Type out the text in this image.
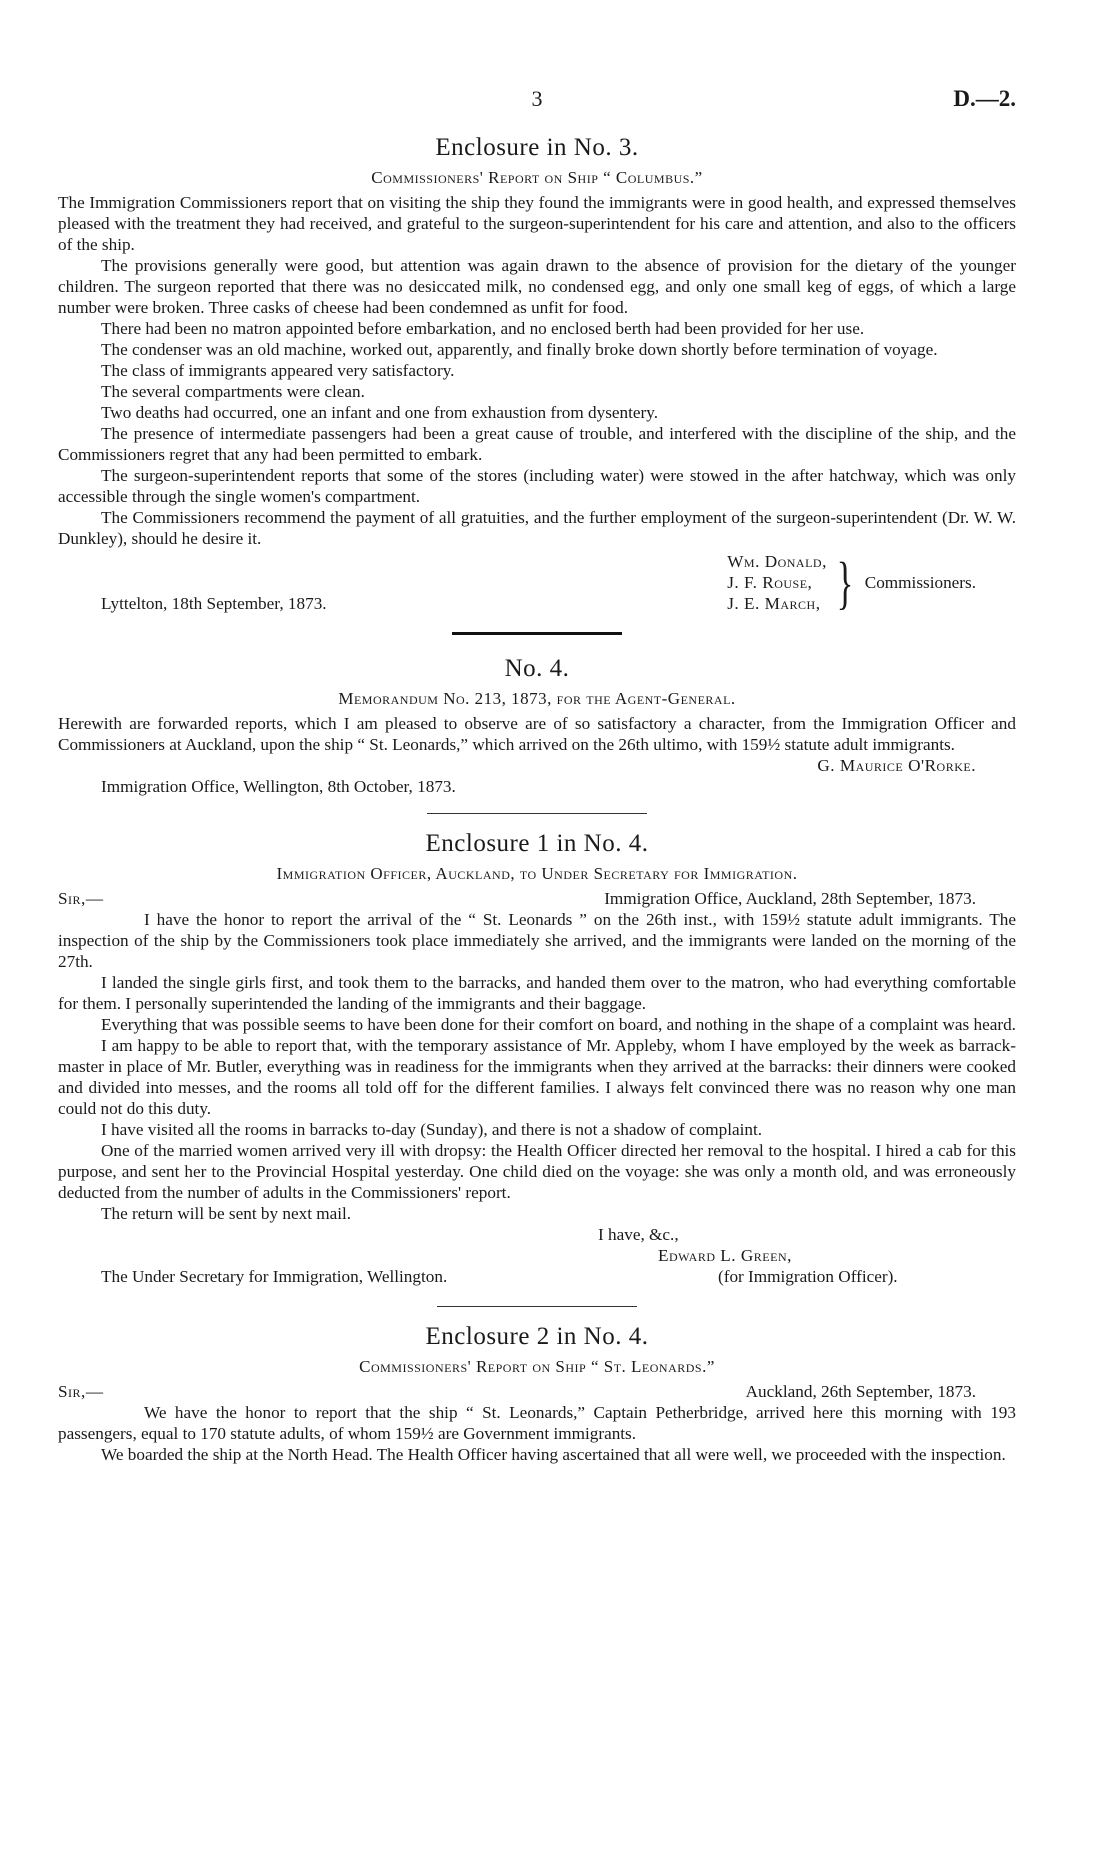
3	D.—2.
Enclosure in No. 3.
Commissioners' Report on Ship “ Columbus.”

The Immigration Commissioners report that on visiting the ship they found the immigrants were in good health, and expressed themselves pleased with the treatment they had received, and grateful to the surgeon-superintendent for his care and attention, and also to the officers of the ship.

The provisions generally were good, but attention was again drawn to the absence of provision for the dietary of the younger children. The surgeon reported that there was no desiccated milk, no condensed egg, and only one small keg of eggs, of which a large number were broken. Three casks of cheese had been condemned as unfit for food.

There had been no matron appointed before embarkation, and no enclosed berth had been provided for her use.

The condenser was an old machine, worked out, apparently, and finally broke down shortly before termination of voyage.

The class of immigrants appeared very satisfactory.

The several compartments were clean.

Two deaths had occurred, one an infant and one from exhaustion from dysentery.

The presence of intermediate passengers had been a great cause of trouble, and interfered with the discipline of the ship, and the Commissioners regret that any had been permitted to embark.

The surgeon-superintendent reports that some of the stores (including water) were stowed in the after hatchway, which was only accessible through the single women's compartment.

The Commissioners recommend the payment of all gratuities, and the further employment of the surgeon-superintendent (Dr. W. W. Dunkley), should he desire it.

Lyttelton, 18th September, 1873.
Wm. Donald,
J. F. Rouse,
J. E. March, } Commissioners.
No. 4.
Memorandum No. 213, 1873, for the Agent-General.

Herewith are forwarded reports, which I am pleased to observe are of so satisfactory a character, from the Immigration Officer and Commissioners at Auckland, upon the ship “ St. Leonards,” which arrived on the 26th ultimo, with 159½ statute adult immigrants.

G. Maurice O'Rorke.
Immigration Office, Wellington, 8th October, 1873.
Enclosure 1 in No. 4.
Immigration Officer, Auckland, to Under Secretary for Immigration.
Sir,—	Immigration Office, Auckland, 28th September, 1873.

I have the honor to report the arrival of the “ St. Leonards ” on the 26th inst., with 159½ statute adult immigrants. The inspection of the ship by the Commissioners took place immediately she arrived, and the immigrants were landed on the morning of the 27th.

I landed the single girls first, and took them to the barracks, and handed them over to the matron, who had everything comfortable for them. I personally superintended the landing of the immigrants and their baggage.

Everything that was possible seems to have been done for their comfort on board, and nothing in the shape of a complaint was heard.

I am happy to be able to report that, with the temporary assistance of Mr. Appleby, whom I have employed by the week as barrack-master in place of Mr. Butler, everything was in readiness for the immigrants when they arrived at the barracks: their dinners were cooked and divided into messes, and the rooms all told off for the different families. I always felt convinced there was no reason why one man could not do this duty.

I have visited all the rooms in barracks to-day (Sunday), and there is not a shadow of complaint.

One of the married women arrived very ill with dropsy: the Health Officer directed her removal to the hospital. I hired a cab for this purpose, and sent her to the Provincial Hospital yesterday. One child died on the voyage: she was only a month old, and was erroneously deducted from the number of adults in the Commissioners' report.

The return will be sent by next mail.

I have, &c.,
Edward L. Green,
The Under Secretary for Immigration, Wellington.	(for Immigration Officer).
Enclosure 2 in No. 4.
Commissioners' Report on Ship “ St. Leonards.”
Sir,—	Auckland, 26th September, 1873.

We have the honor to report that the ship “ St. Leonards,” Captain Petherbridge, arrived here this morning with 193 passengers, equal to 170 statute adults, of whom 159½ are Government immigrants.

We boarded the ship at the North Head. The Health Officer having ascertained that all were well, we proceeded with the inspection.
